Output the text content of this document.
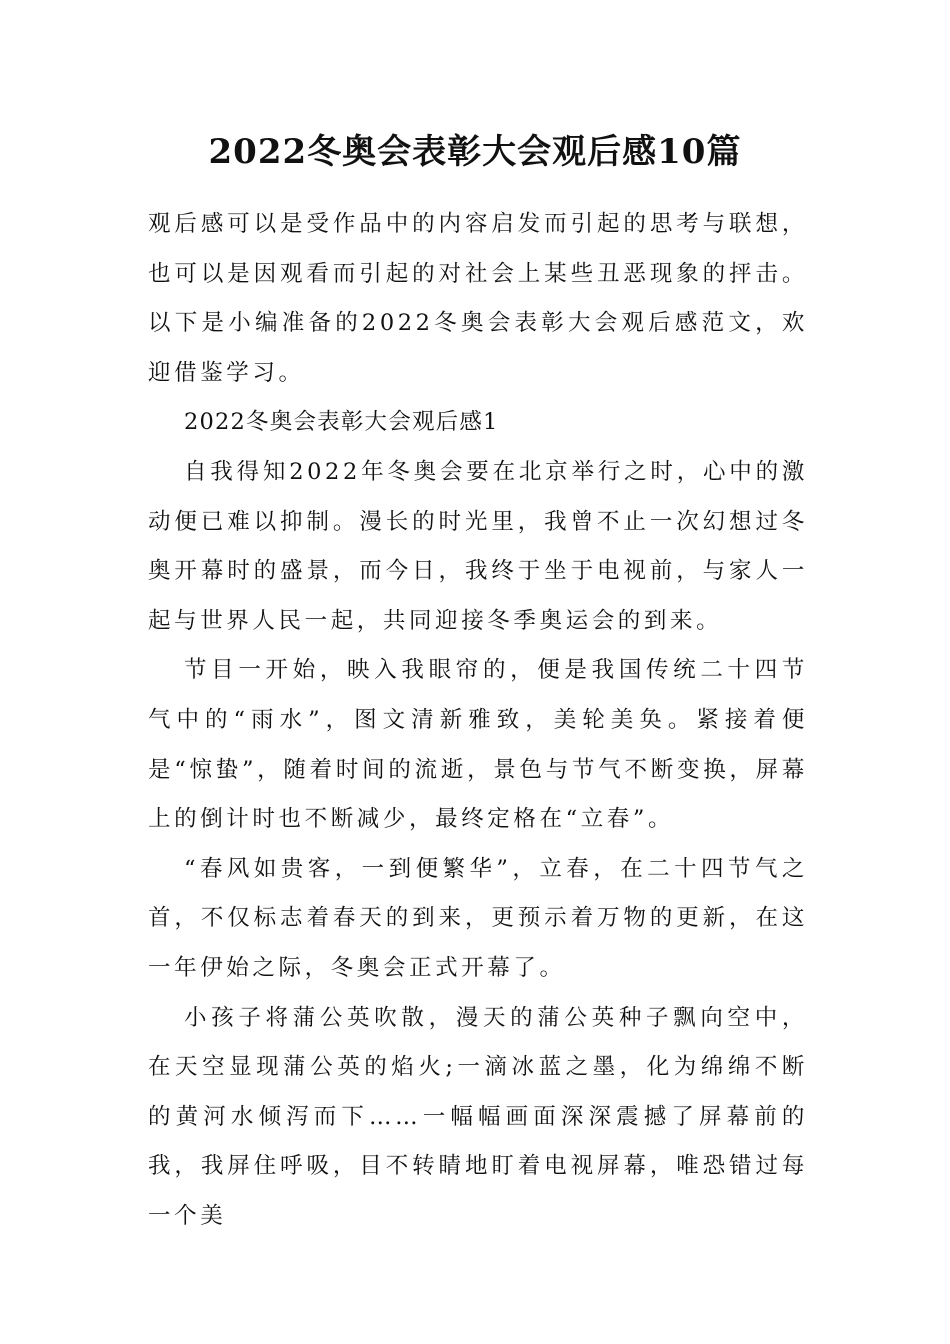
2022冬奥会表彰大会观后感10篇

观后感可以是受作品中的内容启发而引起的思考与联想，也可以是因观看而引起的对社会上某些丑恶现象的抨击。以下是小编准备的2022冬奥会表彰大会观后感范文，欢迎借鉴学习。

2022冬奥会表彰大会观后感1

自我得知2022年冬奥会要在北京举行之时，心中的激动便已难以抑制。漫长的时光里，我曾不止一次幻想过冬奥开幕时的盛景，而今日，我终于坐于电视前，与家人一起与世界人民一起，共同迎接冬季奥运会的到来。

节目一开始，映入我眼帘的，便是我国传统二十四节气中的“雨水”，图文清新雅致，美轮美奂。紧接着便是“惊蛰”，随着时间的流逝，景色与节气不断变换，屏幕上的倒计时也不断减少，最终定格在“立春”。

“春风如贵客，一到便繁华”，立春，在二十四节气之首，不仅标志着春天的到来，更预示着万物的更新，在这一年伊始之际，冬奥会正式开幕了。

小孩子将蒲公英吹散，漫天的蒲公英种子飘向空中，在天空显现蒲公英的焰火;一滴冰蓝之墨，化为绵绵不断的黄河水倾泻而下……一幅幅画面深深震撼了屏幕前的我，我屏住呼吸，目不转睛地盯着电视屏幕，唯恐错过每一个美
